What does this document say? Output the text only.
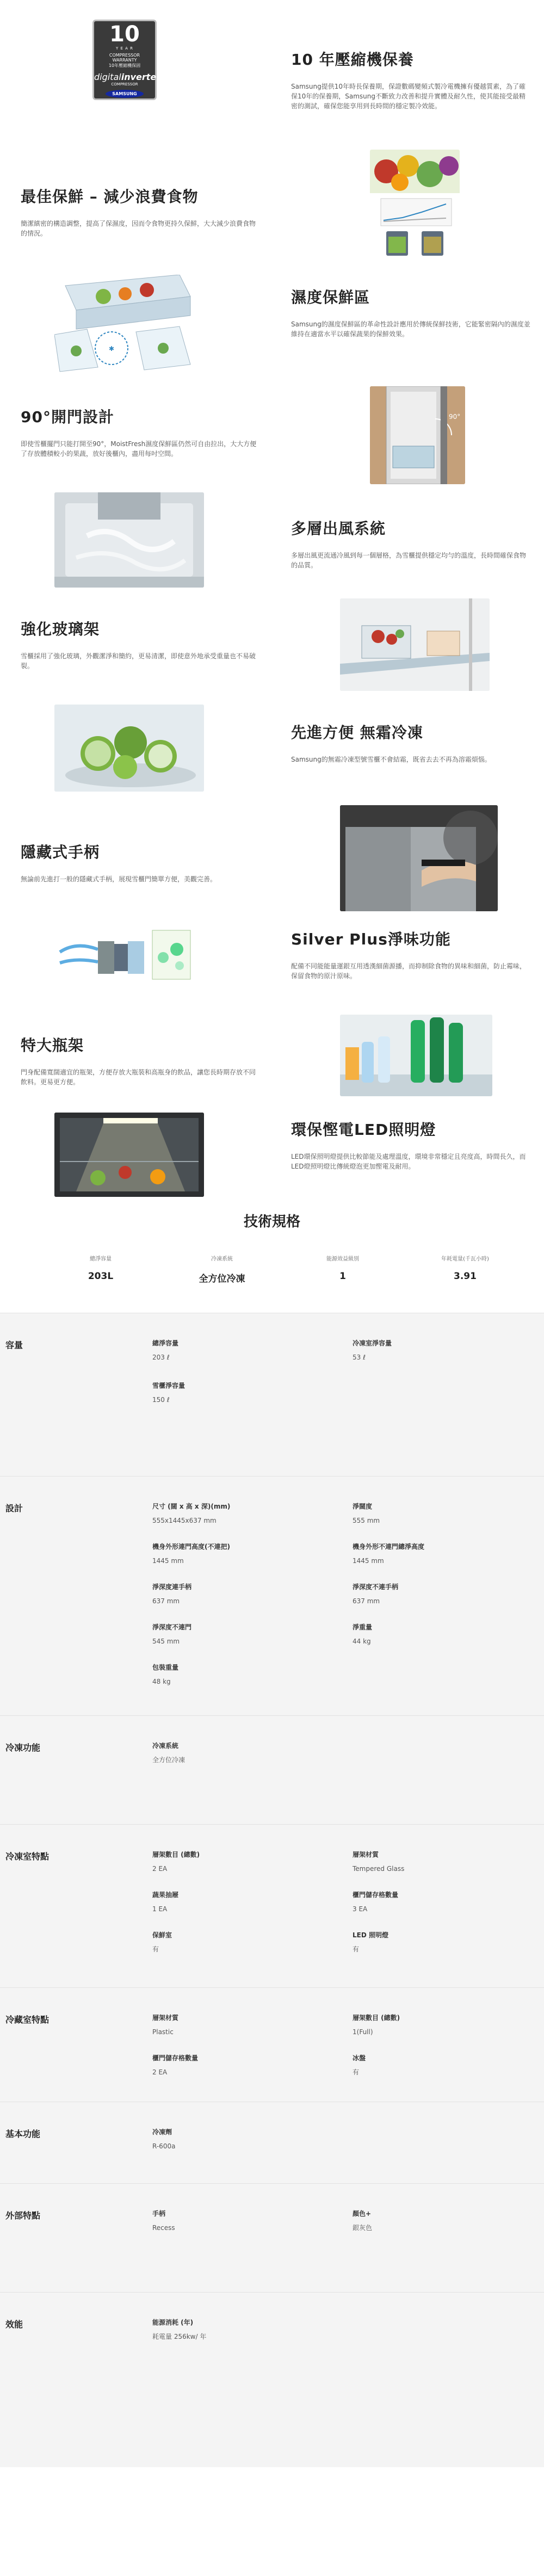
10
Y E A R
COMPRESSOR
WARRANTY
10年壓縮機保固
digitalinverter
COMPRESSOR
SAMSUNG
10 年壓縮機保養
Samsung提供10年時長保養期，保證數碼變頻式製冷電機擁有優越質素，為了確保10年的保養期，Samsung不斷致力改善和提升實體及耐久性，使其能接受最精密的測試，確保您能享用到長時間的穩定製冷效能。
最佳保鮮 – 減少浪費食物
簡潔縝密的構造調整，提高了保濕度，因而令食物更持久保鮮，大大減少浪費食物的情況。
✱
濕度保鮮區
Samsung的濕度保鮮區的革命性設計應用於傳統保鮮技術，它能緊密隔內的濕度並維持在適當水平以確保蔬果的保鮮效果。
90°開門設計
即使雪櫃擺門只能打開至90°，MoistFresh濕度保鮮區仍然可自由拉出，大大方便了存放體積較小的果蔬，放好後櫃內，盡用每吋空間。
90°
多層出風系統
多層出風更流通冷風到每一個層格，為雪櫃提供穩定均勻的溫度，長時間確保食物的品質。
強化玻璃架
雪櫃採用了強化玻璃，外觀潔淨和簡約，更易清潔，即使意外地承受重量也不易破裂。
先進方便 無霜冷凍
Samsung的無霜冷凍型號雪櫃不會結霜，既省去去不再為溶霜煩惱。
隱藏式手柄
無論前先進打一般的隱藏式手柄，展現雪櫃門簡單方便，美觀完善。
Silver Plus淨味功能
配備不同能能量運銀互用透漢細菌源播，而抑制除食物的異味和細菌，防止霉味，保留食物的原汁原味。
特大瓶架
門身配備寬闊適宜的瓶架，方便存放大瓶裝和高瓶身的飲品，讓您長時期存放不同飲料。更易更方便。
環保慳電LED照明燈
LED環保照明燈提供比較節能及處理溫度，環境非常穩定且亮度高，時間長久，而LED燈照明燈比傳統燈泡更加慳電及耐用。
技術規格
總淨容量
203L
冷凍系統
全方位冷凍
能源效益級別
1
年耗電量(千瓦小時)
3.91
容量	總淨容量
203 ℓ
冷凍室淨容量
53 ℓ
雪櫃淨容量
150 ℓ
設計	尺寸 (闊 x 高 x 深)(mm)
555x1445x637 mm
淨闊度
555 mm
機身外形連門高度(不連把)
1445 mm
機身外形不連門總淨高度
1445 mm
淨深度連手柄
637 mm
淨深度不連手柄
637 mm
淨深度不連門
545 mm
淨重量
44 kg
包裝重量
48 kg
冷凍功能	冷凍系統
全方位冷凍
冷凍室特點	層架數目 (總數)
2 EA
層架材質
Tempered Glass
蔬果抽屜
1 EA
櫃門儲存格數量
3 EA
保鮮室
有
LED 照明燈
有
冷藏室特點	層架材質
Plastic
層架數目 (總數)
1(Full)
櫃門儲存格數量
2 EA
冰盤
有
基本功能	冷凍劑
R-600a
外部特點	手柄
Recess
顏色+
銀灰色
效能	能源消耗 (年)
耗電量 256kw/ 年
